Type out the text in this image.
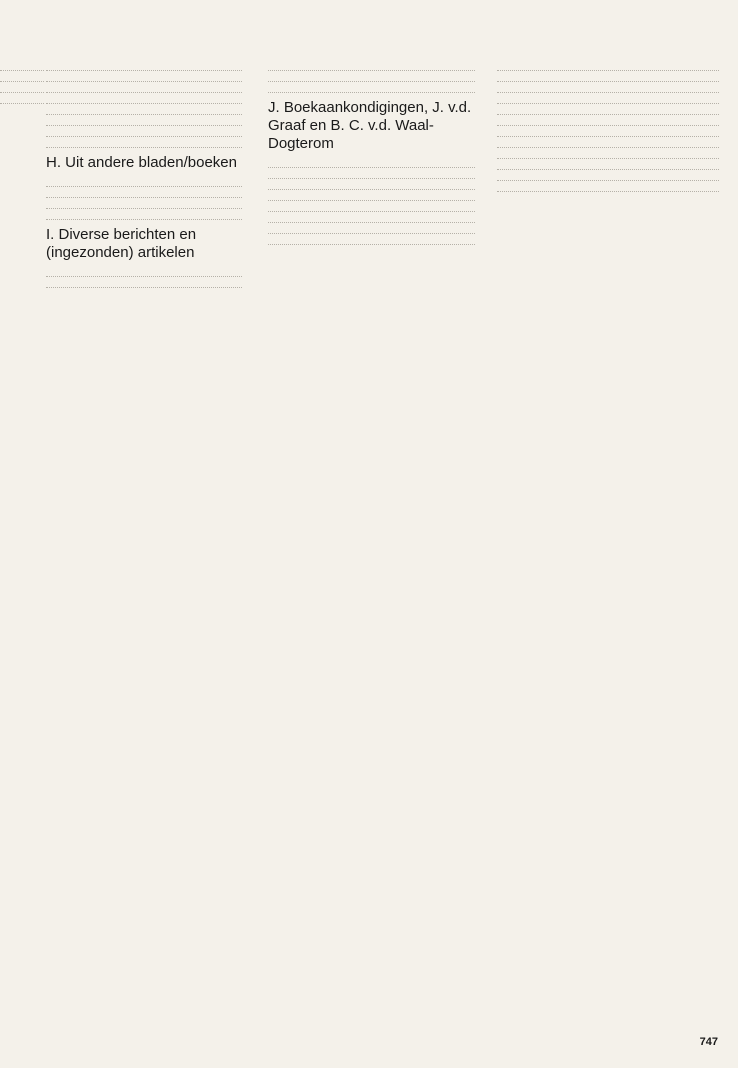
H. Uit andere bladen/boeken
I. Diverse berichten en (ingezonden) artikelen
J. Boekaankondigingen, J. v.d. Graaf en B. C. v.d. Waal-Dogterom
747
